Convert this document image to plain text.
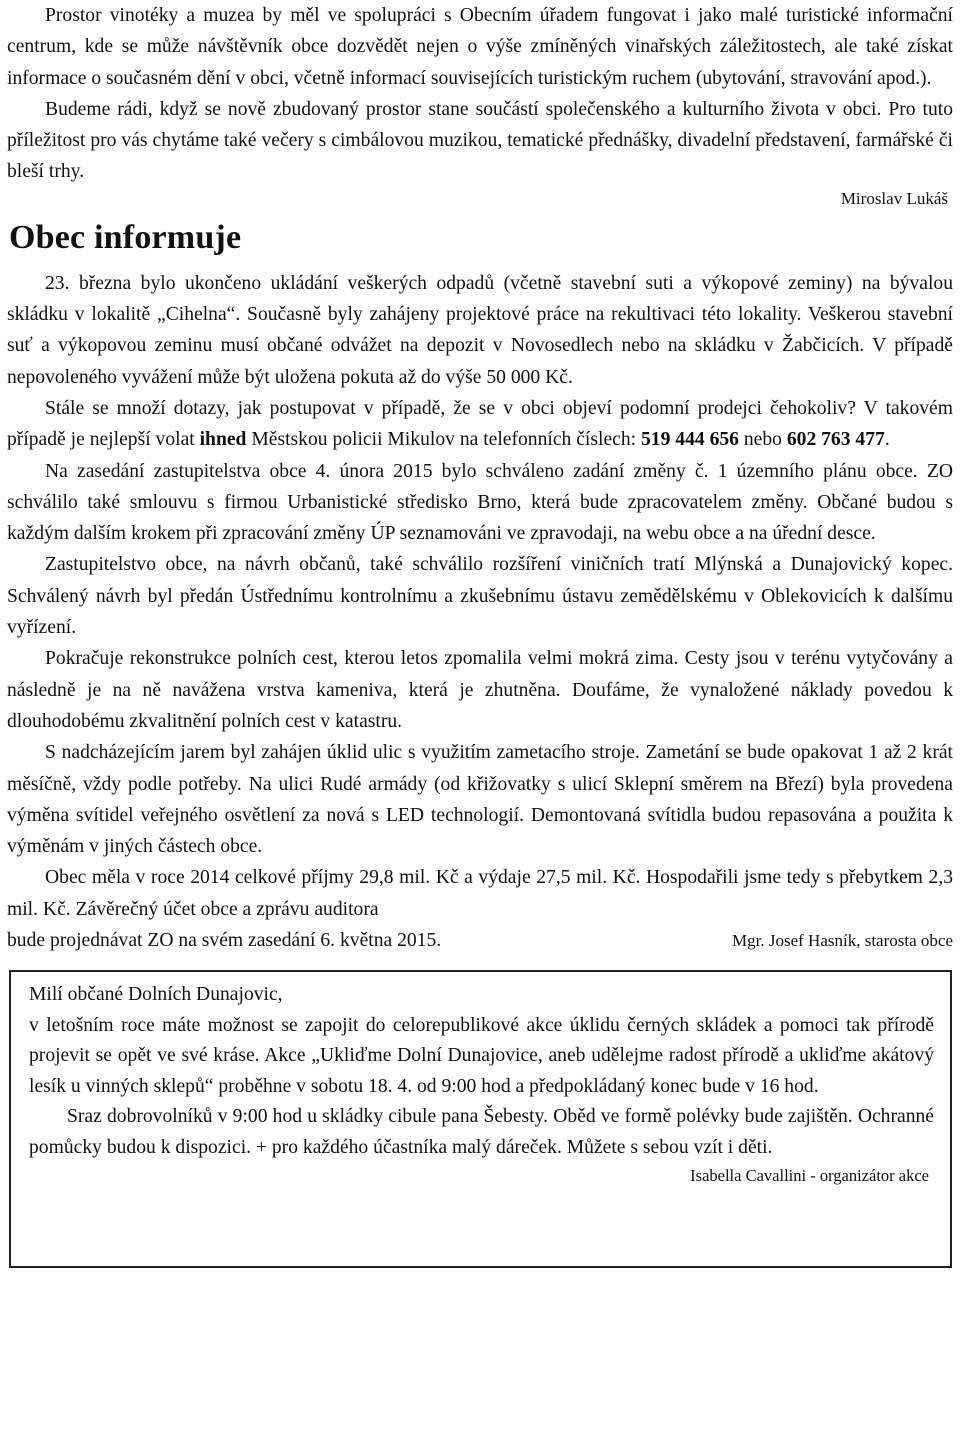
Prostor vinotéky a muzea by měl ve spolupráci s Obecním úřadem fungovat i jako malé turistické informační centrum, kde se může návštěvník obce dozvědět nejen o výše zmíněných vinařských záležitostech, ale také získat informace o současném dění v obci, včetně informací souvisejících turistickým ruchem (ubytování, stravování apod.).

Budeme rádi, když se nově zbudovaný prostor stane součástí společenského a kulturního života v obci. Pro tuto příležitost pro vás chytáme také večery s cimbálovou muzikou, tematické přednášky, divadelní představení, farmářské či bleší trhy.

Miroslav Lukáš

Obec informuje

23. března bylo ukončeno ukládání veškerých odpadů (včetně stavební suti a výkopové zeminy) na bývalou skládku v lokalitě „Cihelna“. Současně byly zahájeny projektové práce na rekultivaci této lokality. Veškerou stavební suť a výkopovou zeminu musí občané odvážet na depozit v Novosedlech nebo na skládku v Žabčicích. V případě nepovoleného vyvážení může být uložena pokuta až do výše 50 000 Kč.

Stále se množí dotazy, jak postupovat v případě, že se v obci objeví podomní prodejci čehokoliv? V takovém případě je nejlepší volat ihned Městskou policii Mikulov na telefonních číslech: 519 444 656 nebo 602 763 477.

Na zasedání zastupitelstva obce 4. února 2015 bylo schváleno zadání změny č. 1 územního plánu obce. ZO schválilo také smlouvu s firmou Urbanistické středisko Brno, která bude zpracovatelem změny. Občané budou s každým dalším krokem při zpracování změny ÚP seznamováni ve zpravodaji, na webu obce a na úřední desce.

Zastupitelstvo obce, na návrh občanů, také schválilo rozšíření viničních tratí Mlýnská a Dunajovický kopec. Schválený návrh byl předán Ústřednímu kontrolnímu a zkušebnímu ústavu zemědělskému v Oblekovicích k dalšímu vyřízení.

Pokračuje rekonstrukce polních cest, kterou letos zpomalila velmi mokrá zima. Cesty jsou v terénu vytyčovány a následně je na ně navážena vrstva kameniva, která je zhutněna. Doufáme, že vynaložené náklady povedou k dlouhodobému zkvalitnění polních cest v katastru.

S nadcházejícím jarem byl zahájen úklid ulic s využitím zametacího stroje. Zametání se bude opakovat 1 až 2 krát měsíčně, vždy podle potřeby. Na ulici Rudé armády (od křižovatky s ulicí Sklepní směrem na Březí) byla provedena výměna svítidel veřejného osvětlení za nová s LED technologií. Demontovaná svítidla budou repasována a použita k výměnám v jiných částech obce.

Obec měla v roce 2014 celkové příjmy 29,8 mil. Kč a výdaje 27,5 mil. Kč. Hospodařili jsme tedy s přebytkem 2,3 mil. Kč. Závěrečný účet obce a zprávu auditora

bude projednávat ZO na svém zasedání 6. května 2015.	Mgr. Josef Hasník, starosta obce

Milí občané Dolních Dunajovic,

v letošním roce máte možnost se zapojit do celorepublikové akce úklidu černých skládek a pomoci tak přírodě projevit se opět ve své kráse. Akce „Ukliďme Dolní Dunajovice, aneb udělejme radost přírodě a ukliďme akátový lesík u vinných sklepů“ proběhne v sobotu 18. 4. od 9:00 hod a předpokládaný konec bude v 16 hod.

Sraz dobrovolníků v 9:00 hod u skládky cibule pana Šebesty. Oběd ve formě polévky bude zajištěn. Ochranné pomůcky budou k dispozici. + pro každého účastníka malý dáreček. Můžete s sebou vzít i děti.

Isabella Cavallini - organizátor akce
